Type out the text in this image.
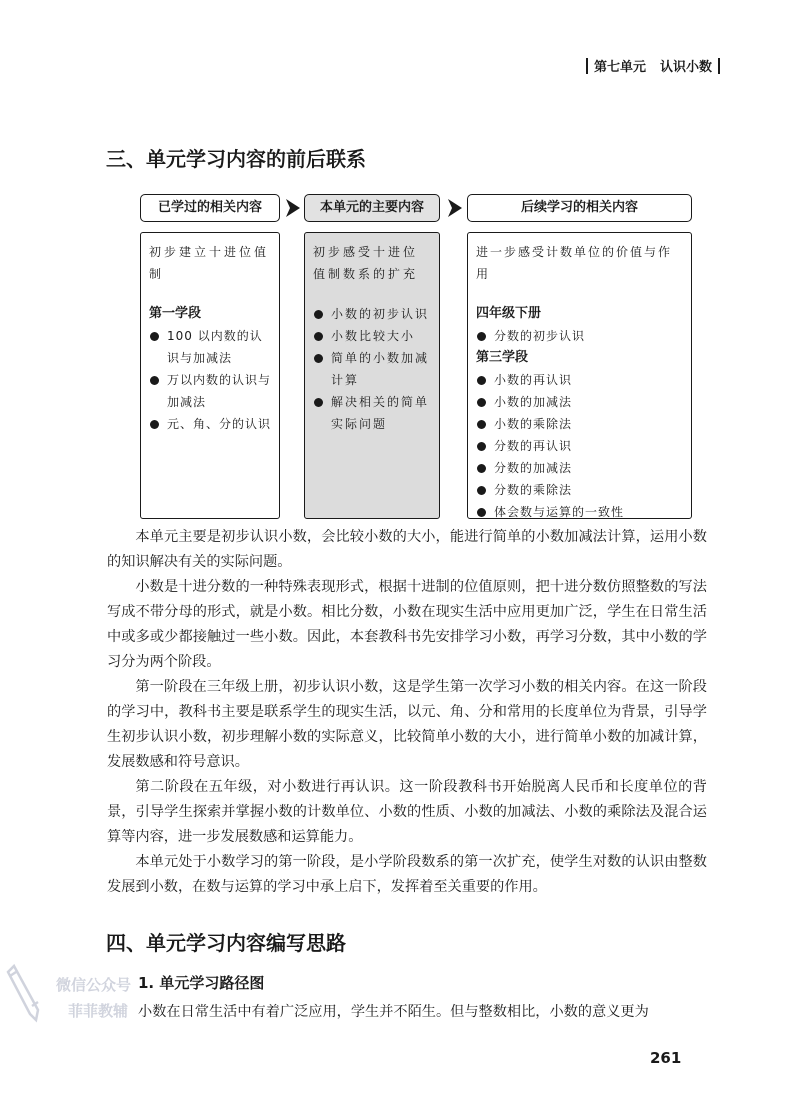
第七单元 认识小数
三、单元学习内容的前后联系
已学过的相关内容	本单元的主要内容	后续学习的相关内容
初步建立十进位值制
第一学段
100 以内数的认识与加减法
万以内数的认识与加减法
元、角、分的认识
初步感受十进位值制数系的扩充
小数的初步认识
小数比较大小
简单的小数加减计算
解决相关的简单实际问题
进一步感受计数单位的价值与作用
四年级下册
分数的初步认识
第三学段
小数的再认识
小数的加减法
小数的乘除法
分数的再认识
分数的加减法
分数的乘除法
体会数与运算的一致性

本单元主要是初步认识小数，会比较小数的大小，能进行简单的小数加减法计算，运用小数的知识解决有关的实际问题。

小数是十进分数的一种特殊表现形式，根据十进制的位值原则，把十进分数仿照整数的写法写成不带分母的形式，就是小数。相比分数，小数在现实生活中应用更加广泛，学生在日常生活中或多或少都接触过一些小数。因此，本套教科书先安排学习小数，再学习分数，其中小数的学习分为两个阶段。

第一阶段在三年级上册，初步认识小数，这是学生第一次学习小数的相关内容。在这一阶段的学习中，教科书主要是联系学生的现实生活，以元、角、分和常用的长度单位为背景，引导学生初步认识小数，初步理解小数的实际意义，比较简单小数的大小，进行简单小数的加减计算，发展数感和符号意识。

第二阶段在五年级，对小数进行再认识。这一阶段教科书开始脱离人民币和长度单位的背景，引导学生探索并掌握小数的计数单位、小数的性质、小数的加减法、小数的乘除法及混合运算等内容，进一步发展数感和运算能力。

本单元处于小数学习的第一阶段，是小学阶段数系的第一次扩充，使学生对数的认识由整数发展到小数，在数与运算的学习中承上启下，发挥着至关重要的作用。

四、单元学习内容编写思路
1. 单元学习路径图
小数在日常生活中有着广泛应用，学生并不陌生。但与整数相比，小数的意义更为
微信公众号
菲菲教辅
261
